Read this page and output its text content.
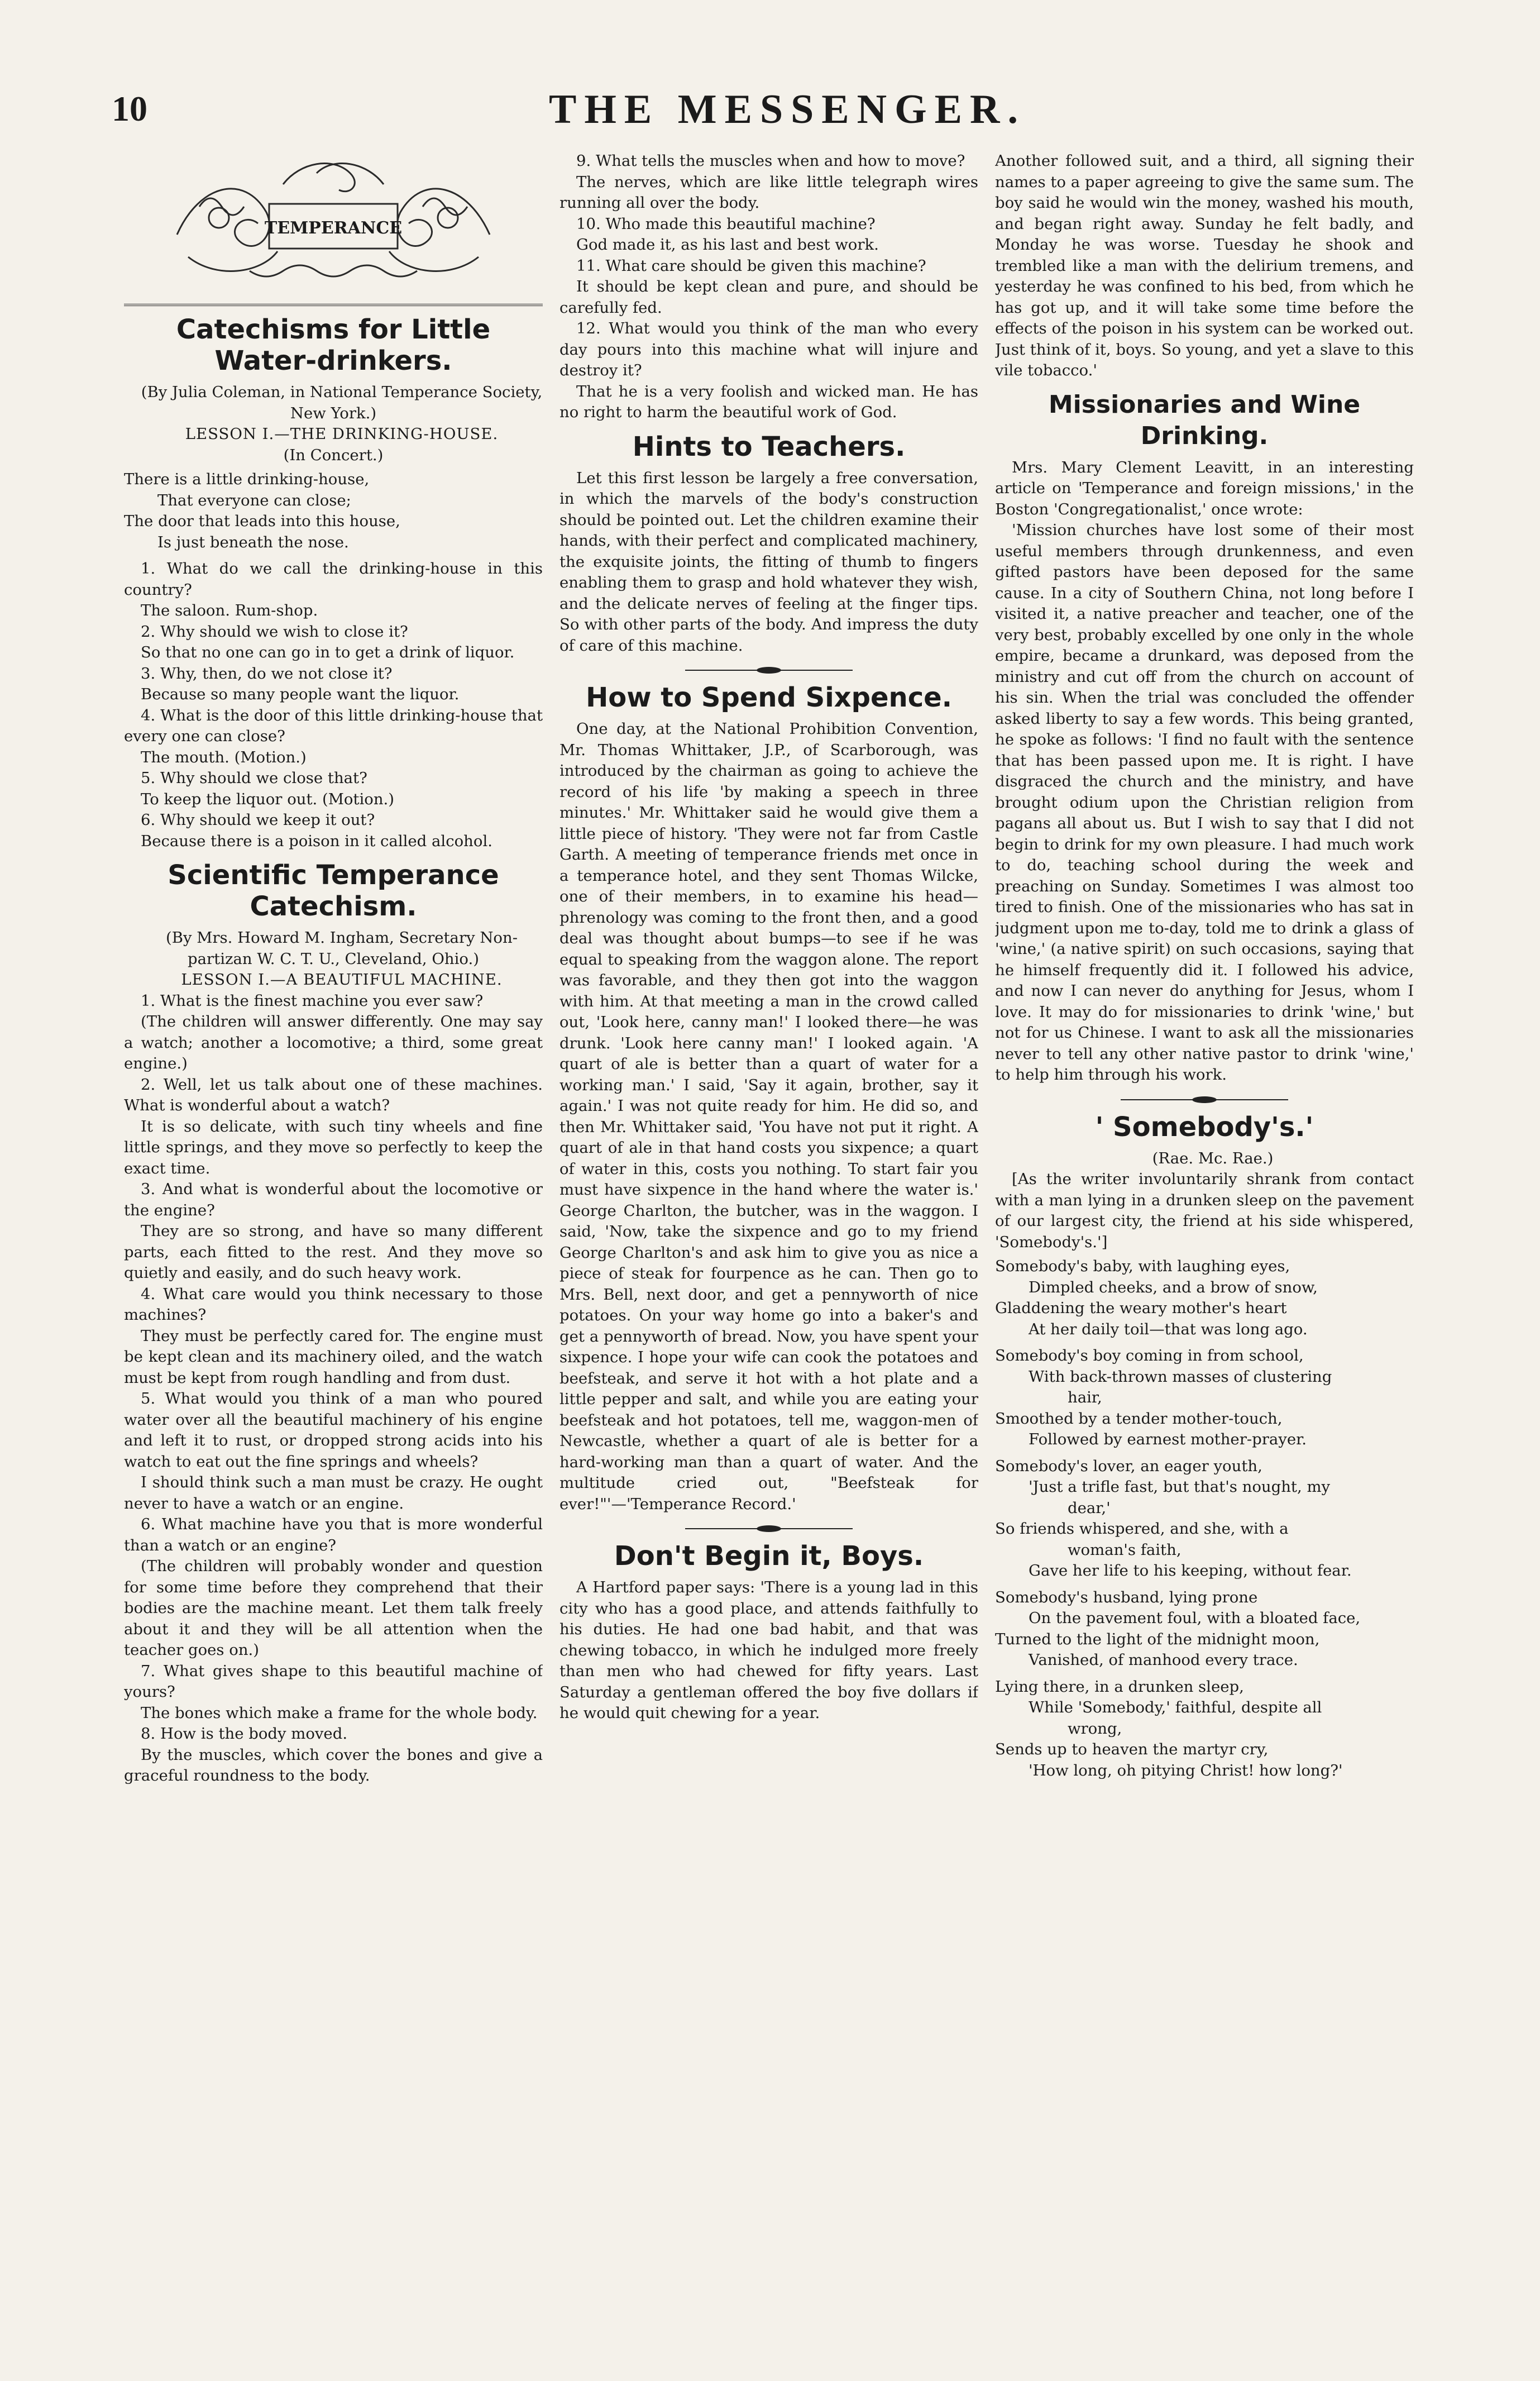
10	THE MESSENGER.
TEMPERANCE
Catechisms for Little Water-drinkers.

(By Julia Coleman, in National Temperance Society, New York.)

LESSON I.—THE DRINKING-HOUSE.

(In Concert.)

There is a little drinking-house,
That everyone can close;
The door that leads into this house,
Is just beneath the nose.

1. What do we call the drinking-house in this country?

The saloon. Rum-shop.

2. Why should we wish to close it?

So that no one can go in to get a drink of liquor.

3. Why, then, do we not close it?

Because so many people want the liquor.

4. What is the door of this little drinking-house that every one can close?

The mouth. (Motion.)

5. Why should we close that?

To keep the liquor out. (Motion.)

6. Why should we keep it out?

Because there is a poison in it called alcohol.

Scientific Temperance Catechism.

(By Mrs. Howard M. Ingham, Secretary Non-partizan W. C. T. U., Cleveland, Ohio.)

LESSON I.—A BEAUTIFUL MACHINE.

1. What is the finest machine you ever saw?

(The children will answer differently. One may say a watch; another a locomotive; a third, some great engine.)

2. Well, let us talk about one of these machines. What is wonderful about a watch?

It is so delicate, with such tiny wheels and fine little springs, and they move so perfectly to keep the exact time.

3. And what is wonderful about the locomotive or the engine?

They are so strong, and have so many different parts, each fitted to the rest. And they move so quietly and easily, and do such heavy work.

4. What care would you think necessary to those machines?

They must be perfectly cared for. The engine must be kept clean and its machinery oiled, and the watch must be kept from rough handling and from dust.

5. What would you think of a man who poured water over all the beautiful machinery of his engine and left it to rust, or dropped strong acids into his watch to eat out the fine springs and wheels?

I should think such a man must be crazy. He ought never to have a watch or an engine.

6. What machine have you that is more wonderful than a watch or an engine?

(The children will probably wonder and question for some time before they comprehend that their bodies are the machine meant. Let them talk freely about it and they will be all attention when the teacher goes on.)

7. What gives shape to this beautiful machine of yours?

The bones which make a frame for the whole body.

8. How is the body moved.

By the muscles, which cover the bones and give a graceful roundness to the body.

9. What tells the muscles when and how to move?

The nerves, which are like little telegraph wires running all over the body.

10. Who made this beautiful machine?

God made it, as his last and best work.

11. What care should be given this machine?

It should be kept clean and pure, and should be carefully fed.

12. What would you think of the man who every day pours into this machine what will injure and destroy it?

That he is a very foolish and wicked man. He has no right to harm the beautiful work of God.

Hints to Teachers.

Let this first lesson be largely a free conversation, in which the marvels of the body's construction should be pointed out. Let the children examine their hands, with their perfect and complicated machinery, the exquisite joints, the fitting of thumb to fingers enabling them to grasp and hold whatever they wish, and the delicate nerves of feeling at the finger tips. So with other parts of the body. And impress the duty of care of this machine.

How to Spend Sixpence.

One day, at the National Prohibition Convention, Mr. Thomas Whittaker, J.P., of Scarborough, was introduced by the chairman as going to achieve the record of his life 'by making a speech in three minutes.' Mr. Whittaker said he would give them a little piece of history. 'They were not far from Castle Garth. A meeting of temperance friends met once in a temperance hotel, and they sent Thomas Wilcke, one of their members, in to examine his head—phrenology was coming to the front then, and a good deal was thought about bumps—to see if he was equal to speaking from the waggon alone. The report was favorable, and they then got into the waggon with him. At that meeting a man in the crowd called out, 'Look here, canny man!' I looked there—he was drunk. 'Look here canny man!' I looked again. 'A quart of ale is better than a quart of water for a working man.' I said, 'Say it again, brother, say it again.' I was not quite ready for him. He did so, and then Mr. Whittaker said, 'You have not put it right. A quart of ale in that hand costs you sixpence; a quart of water in this, costs you nothing. To start fair you must have sixpence in the hand where the water is.' George Charlton, the butcher, was in the waggon. I said, 'Now, take the sixpence and go to my friend George Charlton's and ask him to give you as nice a piece of steak for fourpence as he can. Then go to Mrs. Bell, next door, and get a pennyworth of nice potatoes. On your way home go into a baker's and get a pennyworth of bread. Now, you have spent your sixpence. I hope your wife can cook the potatoes and beefsteak, and serve it hot with a hot plate and a little pepper and salt, and while you are eating your beefsteak and hot potatoes, tell me, waggon-men of Newcastle, whether a quart of ale is better for a hard-working man than a quart of water. And the multitude cried out, "Beefsteak for ever!"'—'Temperance Record.'

Don't Begin it, Boys.

A Hartford paper says: 'There is a young lad in this city who has a good place, and attends faithfully to his duties. He had one bad habit, and that was chewing tobacco, in which he indulged more freely than men who had chewed for fifty years. Last Saturday a gentleman offered the boy five dollars if he would quit chewing for a year.

Another followed suit, and a third, all signing their names to a paper agreeing to give the same sum. The boy said he would win the money, washed his mouth, and began right away. Sunday he felt badly, and Monday he was worse. Tuesday he shook and trembled like a man with the delirium tremens, and yesterday he was confined to his bed, from which he has got up, and it will take some time before the effects of the poison in his system can be worked out. Just think of it, boys. So young, and yet a slave to this vile tobacco.'

Missionaries and Wine Drinking.

Mrs. Mary Clement Leavitt, in an interesting article on 'Temperance and foreign missions,' in the Boston 'Congregationalist,' once wrote:

'Mission churches have lost some of their most useful members through drunkenness, and even gifted pastors have been deposed for the same cause. In a city of Southern China, not long before I visited it, a native preacher and teacher, one of the very best, probably excelled by one only in the whole empire, became a drunkard, was deposed from the ministry and cut off from the church on account of his sin. When the trial was concluded the offender asked liberty to say a few words. This being granted, he spoke as follows: 'I find no fault with the sentence that has been passed upon me. It is right. I have disgraced the church and the ministry, and have brought odium upon the Christian religion from pagans all about us. But I wish to say that I did not begin to drink for my own pleasure. I had much work to do, teaching school during the week and preaching on Sunday. Sometimes I was almost too tired to finish. One of the missionaries who has sat in judgment upon me to-day, told me to drink a glass of 'wine,' (a native spirit) on such occasions, saying that he himself frequently did it. I followed his advice, and now I can never do anything for Jesus, whom I love. It may do for missionaries to drink 'wine,' but not for us Chinese. I want to ask all the missionaries never to tell any other native pastor to drink 'wine,' to help him through his work.

' Somebody's.'

(Rae. Mc. Rae.)

[As the writer involuntarily shrank from contact with a man lying in a drunken sleep on the pavement of our largest city, the friend at his side whispered, 'Somebody's.']

Somebody's baby, with laughing eyes,
Dimpled cheeks, and a brow of snow,
Gladdening the weary mother's heart
At her daily toil—that was long ago.
Somebody's boy coming in from school,
With back-thrown masses of clustering
hair,
Smoothed by a tender mother-touch,
Followed by earnest mother-prayer.
Somebody's lover, an eager youth,
'Just a trifle fast, but that's nought, my
dear,'
So friends whispered, and she, with a
woman's faith,
Gave her life to his keeping, without fear.
Somebody's husband, lying prone
On the pavement foul, with a bloated face,
Turned to the light of the midnight moon,
Vanished, of manhood every trace.
Lying there, in a drunken sleep,
While 'Somebody,' faithful, despite all
wrong,
Sends up to heaven the martyr cry,
'How long, oh pitying Christ! how long?'
